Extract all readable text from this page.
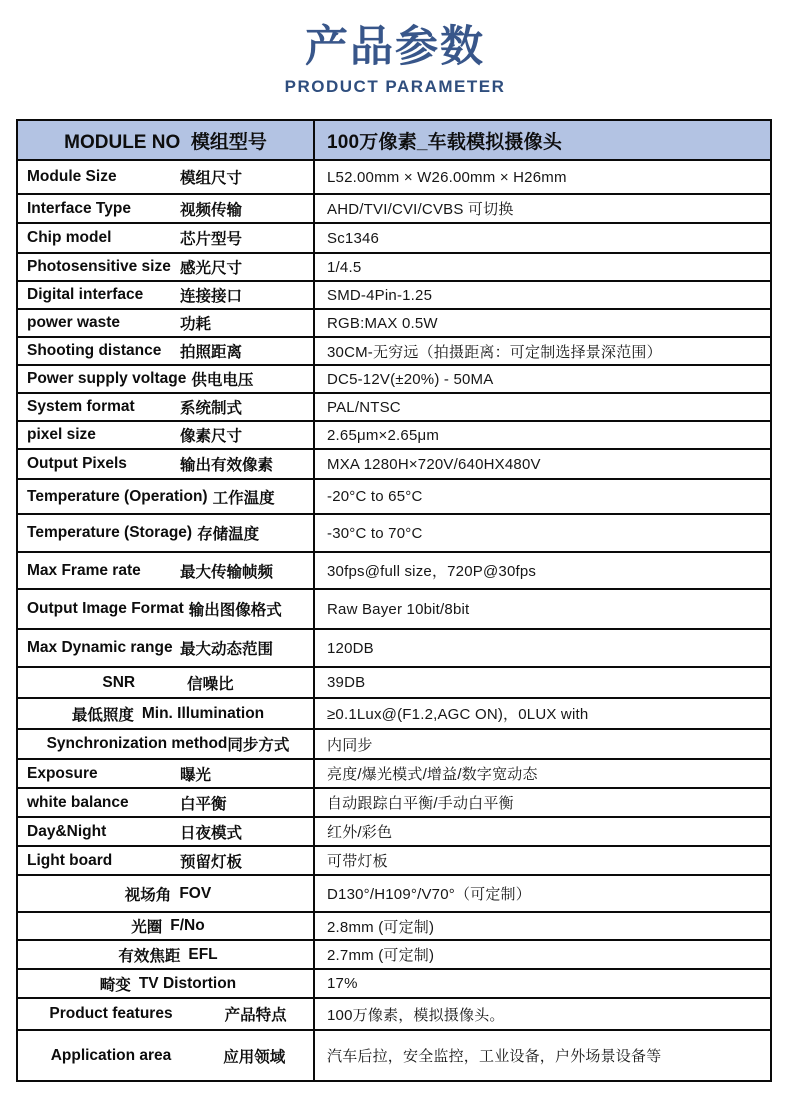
产品参数
PRODUCT PARAMETER
MODULE NO  模组型号	100万像素_车载模拟摄像头
Module Size	模组尺寸	L52.00mm × W26.00mm × H26mm
Interface Type	视频传输	AHD/TVI/CVI/CVBS 可切换
Chip model	芯片型号	Sc1346
Photosensitive size 感光尺寸	1/4.5
Digital interface	连接接口	SMD-4Pin-1.25
power waste	功耗	RGB:MAX 0.5W
Shooting distance	拍照距离	30CM-无穷远（拍摄距离：可定制选择景深范围）
Power supply voltage 供电电压	DC5-12V(±20%) - 50MA
System format	系统制式	PAL/NTSC
pixel size	像素尺寸	2.65μm×2.65μm
Output Pixels	输出有效像素	MXA 1280H×720V/640HX480V
Temperature (Operation) 工作温度	-20°C to 65°C
Temperature (Storage) 存储温度	-30°C to 70°C
Max Frame rate	最大传输帧频	30fps@full size，720P@30fps
Output Image Format 输出图像格式	Raw Bayer 10bit/8bit
Max Dynamic range 最大动态范围	120DB
SNR	信噪比	39DB
最低照度 Min. Illumination	≥0.1Lux@(F1.2,AGC ON)，0LUX with
Synchronization method 同步方式	内同步
Exposure	曝光	亮度/爆光模式/增益/数字宽动态
white balance	白平衡	自动跟踪白平衡/手动白平衡
Day&Night	日夜模式	红外/彩色
Light board	预留灯板	可带灯板
视场角 FOV	D130°/H109°/V70°（可定制）
光圈 F/No	2.8mm (可定制)
有效焦距 EFL	2.7mm (可定制)
畸变 TV Distortion	17%
Product features	产品特点	100万像素，模拟摄像头。
Application area	应用领域	汽车后拉，安全监控，工业设备，户外场景设备等
